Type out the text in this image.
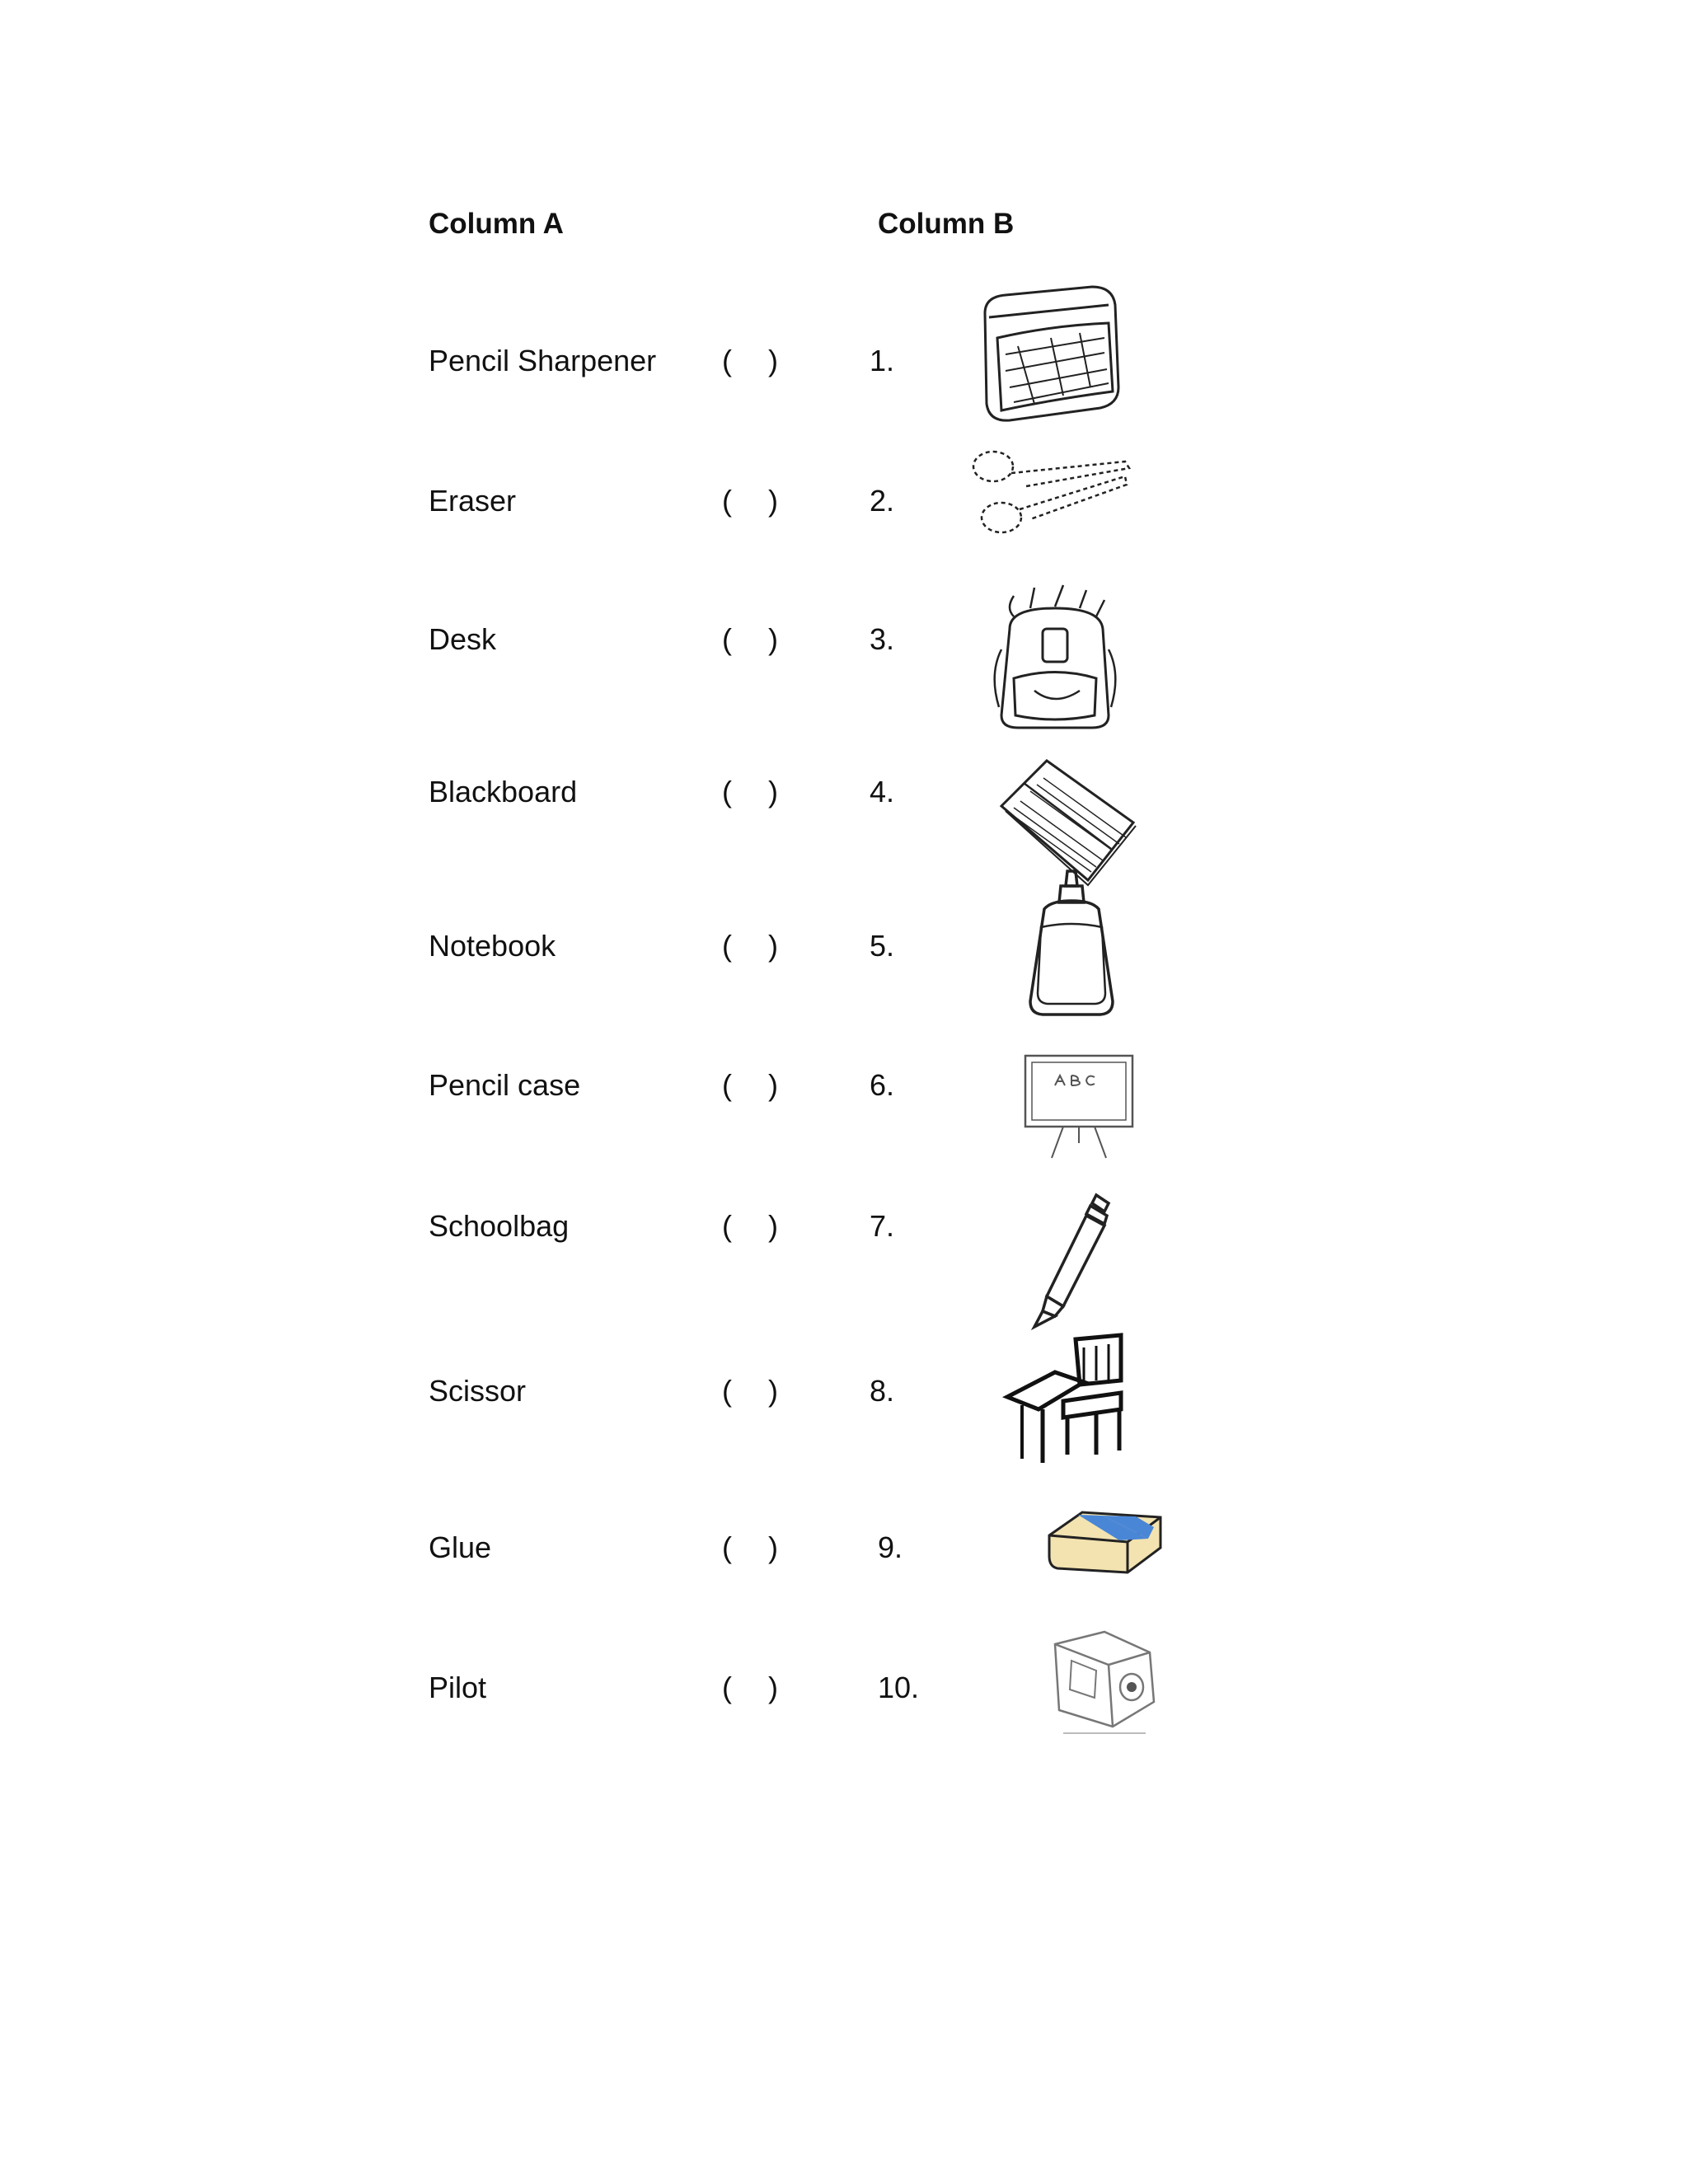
Column A	Column B
Pencil Sharpener ( )	1.
Eraser	( )	2.
Desk	( )	3.
Blackboard	( )	4.
Notebook	( )	5.
Pencil case	( )	6.
Schoolbag	( )	7.
Scissor	( )	8.
Glue	( )	9.
Pilot	( )	10.
